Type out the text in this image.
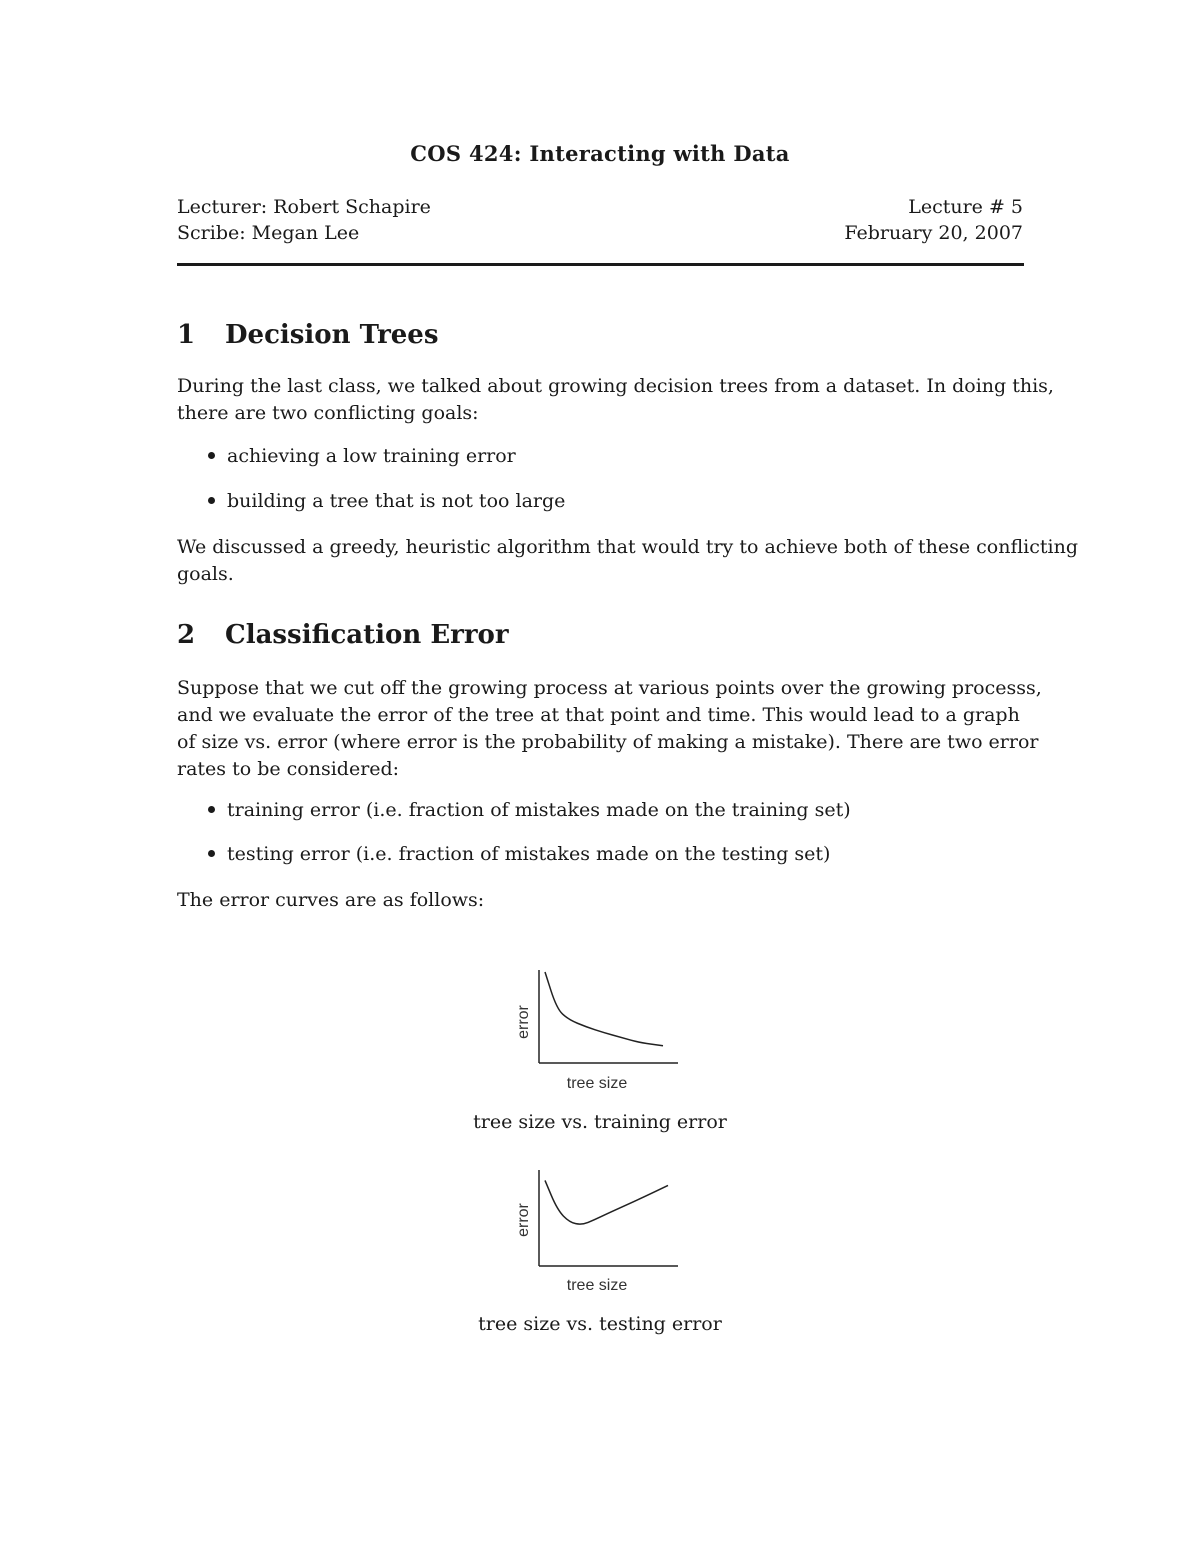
COS 424: Interacting with Data
Lecturer: Robert Schapire
Scribe: Megan Lee
Lecture # 5
February 20, 2007
1 Decision Trees
During the last class, we talked about growing decision trees from a dataset. In doing this,
there are two conflicting goals:
achieving a low training error
building a tree that is not too large
We discussed a greedy, heuristic algorithm that would try to achieve both of these conflicting
goals.
2 Classification Error
Suppose that we cut off the growing process at various points over the growing processs,
and we evaluate the error of the tree at that point and time. This would lead to a graph
of size vs. error (where error is the probability of making a mistake). There are two error
rates to be considered:
training error (i.e. fraction of mistakes made on the training set)
testing error (i.e. fraction of mistakes made on the testing set)
The error curves are as follows:
tree size
error
tree size vs. training error
tree size
error
tree size vs. testing error
